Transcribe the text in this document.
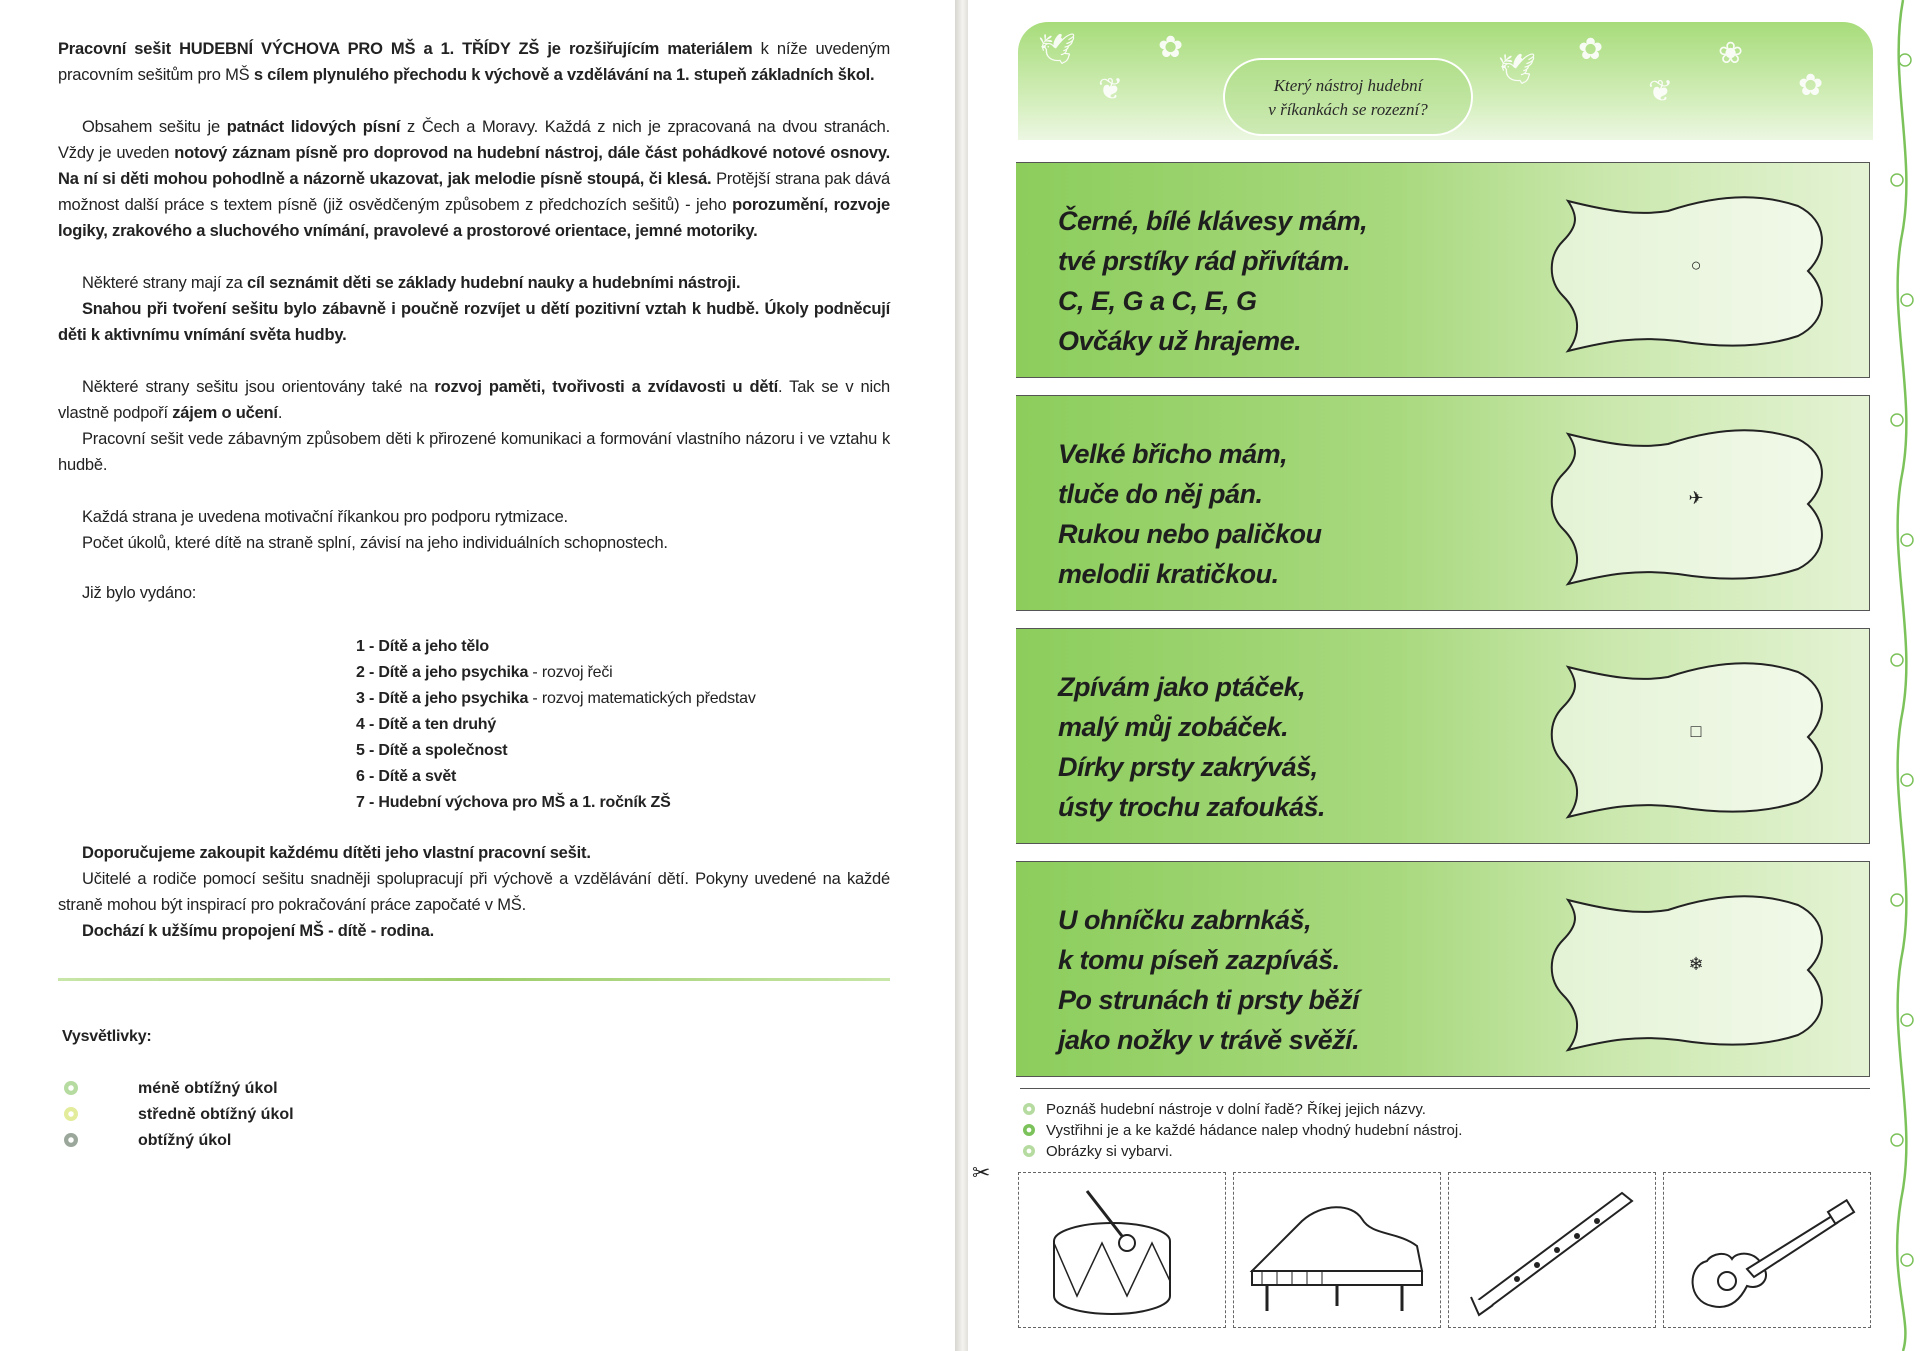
Pracovní sešit HUDEBNÍ VÝCHOVA PRO MŠ a 1. TŘÍDY ZŠ je rozšiřujícím materiálem k níže uvedeným pracovním sešitům pro MŠ s cílem plynulého přechodu k výchově a vzdělávání na 1. stupeň základních škol.

Obsahem sešitu je patnáct lidových písní z Čech a Moravy. Každá z nich je zpracovaná na dvou stranách. Vždy je uveden notový záznam písně pro doprovod na hudební nástroj, dále část pohádkové notové osnovy. Na ní si děti mohou pohodlně a názorně ukazovat, jak melodie písně stoupá, či klesá. Protější strana pak dává možnost další práce s textem písně (již osvědčeným způsobem z předchozích sešitů) - jeho porozumění, rozvoje logiky, zrakového a sluchového vnímání, pravolevé a prostorové orientace, jemné motoriky.

Některé strany mají za cíl seznámit děti se základy hudební nauky a hudebními nástroji.

Snahou při tvoření sešitu bylo zábavně i poučně rozvíjet u dětí pozitivní vztah k hudbě. Úkoly podněcují děti k aktivnímu vnímání světa hudby.

Některé strany sešitu jsou orientovány také na rozvoj paměti, tvořivosti a zvídavosti u dětí. Tak se v nich vlastně podpoří zájem o učení.

Pracovní sešit vede zábavným způsobem děti k přirozené komunikaci a formování vlastního názoru i ve vztahu k hudbě.

Každá strana je uvedena motivační říkankou pro podporu rytmizace.

Počet úkolů, které dítě na straně splní, závisí na jeho individuálních schopnostech.

Již bylo vydáno:
1 - Dítě a jeho tělo
2 - Dítě a jeho psychika - rozvoj řeči
3 - Dítě a jeho psychika - rozvoj matematických představ
4 - Dítě a ten druhý
5 - Dítě a společnost
6 - Dítě a svět
7 - Hudební výchova pro MŠ a 1. ročník ZŠ

Doporučujeme zakoupit každému dítěti jeho vlastní pracovní sešit.

Učitelé a rodiče pomocí sešitu snadněji spolupracují při výchově a vzdělávání dětí. Pokyny uvedené na každé straně mohou být inspirací pro pokračování práce započaté v MŠ.

Dochází k užšímu propojení MŠ - dítě - rodina.

Vysvětlivky:
méně obtížný úkol
středně obtížný úkol
obtížný úkol
🕊
❦
✿
🕊
✿
❦
❀
✿
Který nástroj hudební
v říkankách se rozezní?
Černé, bílé klávesy mám,
tvé prstíky rád přivítám.
C, E, G a C, E, G
Ovčáky už hrajeme.
○
Velké břicho mám,
tluče do něj pán.
Rukou nebo paličkou
melodii kratičkou.
✈
Zpívám jako ptáček,
malý můj zobáček.
Dírky prsty zakrýváš,
ústy trochu zafoukáš.
□
U ohníčku zabrnkáš,
k tomu píseň zazpíváš.
Po strunách ti prsty běží
jako nožky v trávě svěží.
❄
Poznáš hudební nástroje v dolní řadě? Říkej jejich názvy.
Vystřihni je a ke každé hádance nalep vhodný hudební nástroj.
Obrázky si vybarvi.
✂
